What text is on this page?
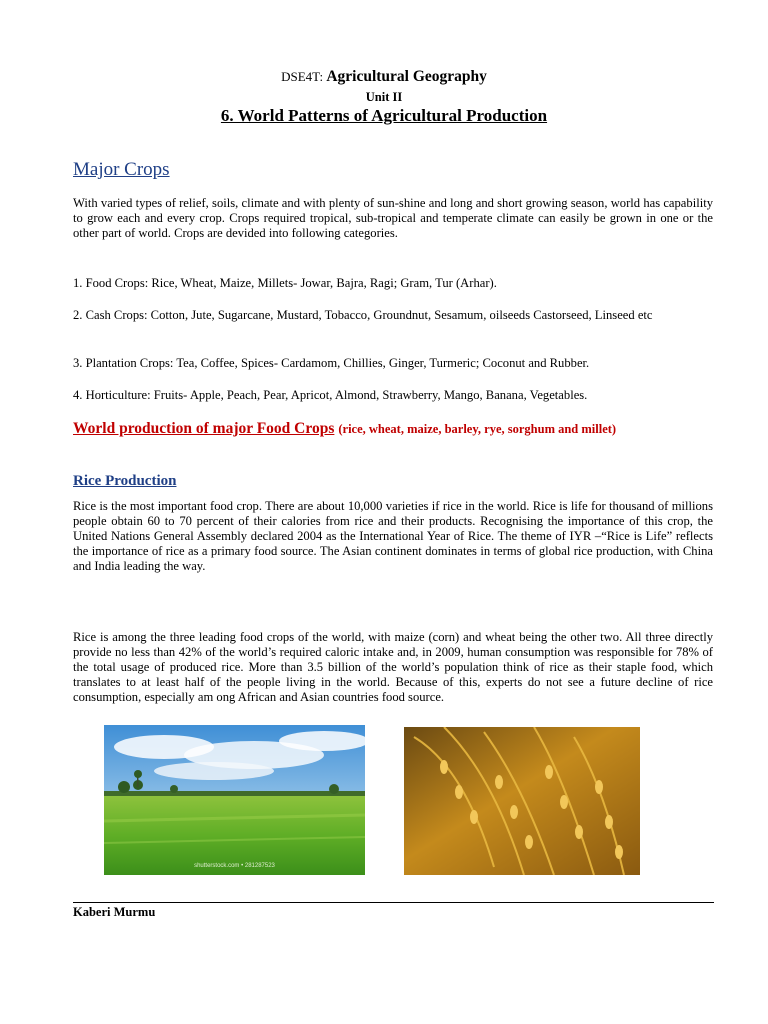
DSE4T: Agricultural Geography
Unit II
6. World Patterns of Agricultural Production
Major Crops

With varied types of relief, soils, climate and with plenty of sun-shine and long and short growing season, world has capability to grow each and every crop. Crops required tropical, sub-tropical and temperate climate can easily be grown in one or the other part of world. Crops are devided into following categories.

1. Food Crops: Rice, Wheat, Maize, Millets- Jowar, Bajra, Ragi; Gram, Tur (Arhar).

2. Cash Crops: Cotton, Jute, Sugarcane, Mustard, Tobacco, Groundnut, Sesamum, oilseeds Castorseed, Linseed etc

3. Plantation Crops: Tea, Coffee, Spices- Cardamom, Chillies, Ginger, Turmeric; Coconut and Rubber.

4. Horticulture: Fruits- Apple, Peach, Pear, Apricot, Almond, Strawberry, Mango, Banana, Vegetables.

World production of major Food Crops (rice, wheat, maize, barley, rye, sorghum and millet)

Rice Production

Rice is the most important food crop. There are about 10,000 varieties if rice in the world. Rice is life for thousand of millions people obtain 60 to 70 percent of their calories from rice and their products. Recognising the importance of this crop, the United Nations General Assembly declared 2004 as the International Year of Rice. The theme of IYR –“Rice is Life” reflects the importance of rice as a primary food source. The Asian continent dominates in terms of global rice production, with China and India leading the way.

Rice is among the three leading food crops of the world, with maize (corn) and wheat being the other two. All three directly provide no less than 42% of the world’s required caloric intake and, in 2009, human consumption was responsible for 78% of the total usage of produced rice. More than 3.5 billion of the world’s population think of rice as their staple food, which translates to at least half of the people living in the world. Because of this, experts do not see a future decline of rice consumption, especially am ong African and Asian countries food source.

shutterstock.com • 281287523
Kaberi Murmu
